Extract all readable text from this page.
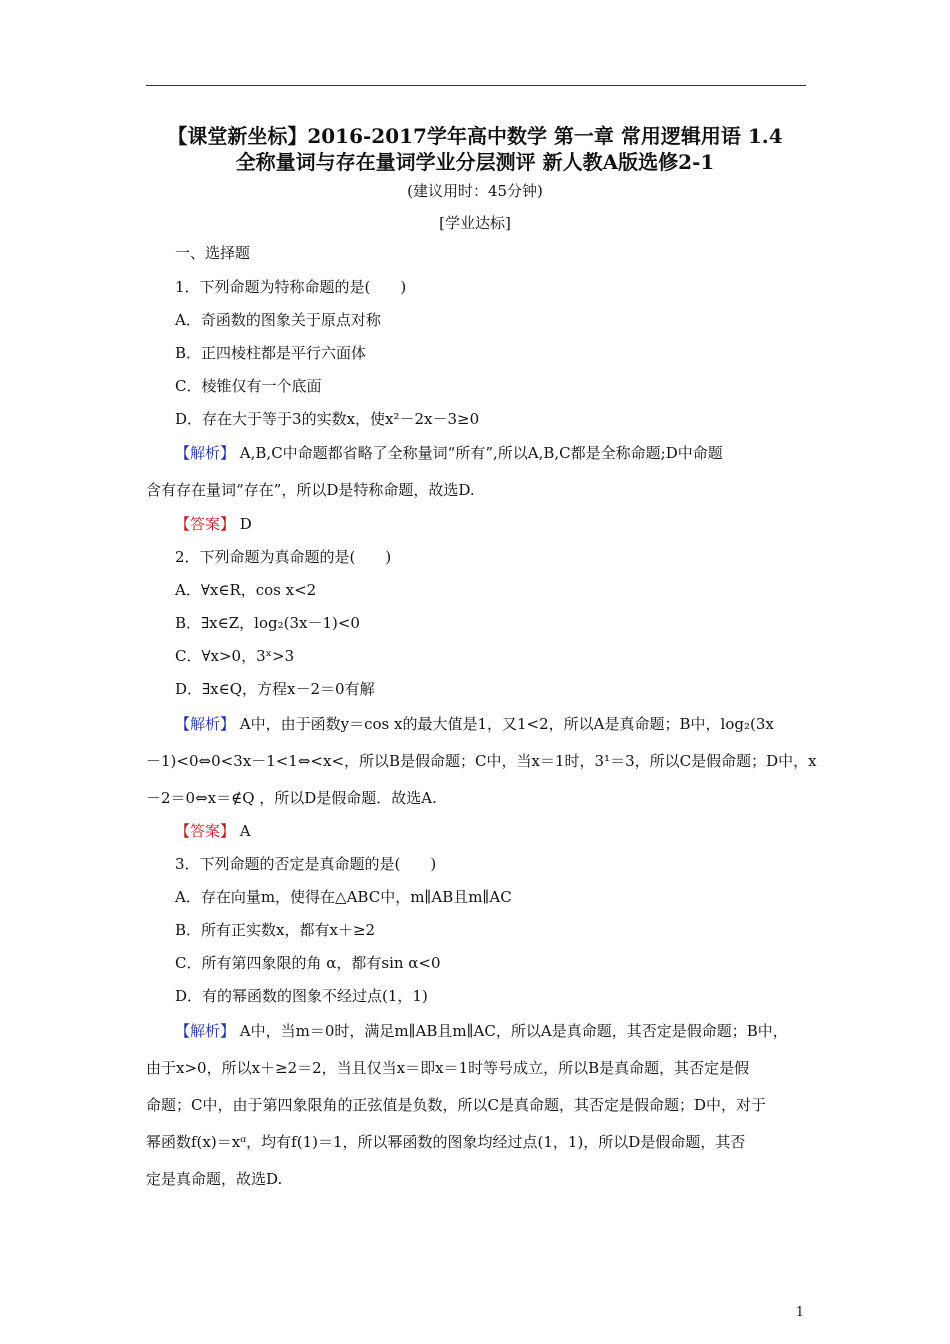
【课堂新坐标】2016-2017学年高中数学 第一章 常用逻辑用语 1.4
全称量词与存在量词学业分层测评 新人教A版选修2-1
(建议用时：45分钟)
[学业达标]
一、选择题
1．下列命题为特称命题的是(　　)
A．奇函数的图象关于原点对称
B．正四棱柱都是平行六面体
C．棱锥仅有一个底面
D．存在大于等于3的实数x，使x²－2x－3≥0
【解析】 A,B,C中命题都省略了全称量词“所有”,所以A,B,C都是全称命题;D中命题
含有存在量词“存在”，所以D是特称命题，故选D.
【答案】 D
2．下列命题为真命题的是(　　)
A．∀x∈R，cos x<2
B．∃x∈Z，log₂(3x－1)<0
C．∀x>0，3ˣ>3
D．∃x∈Q，方程x－2＝0有解
【解析】 A中，由于函数y＝cos x的最大值是1，又1<2，所以A是真命题；B中，log₂(3x
－1)<0⇔0<3x－1<1⇔<x<，所以B是假命题；C中，当x＝1时，3¹＝3，所以C是假命题；D中，x
－2＝0⇔x＝∉Q ，所以D是假命题．故选A.
【答案】 A
3．下列命题的否定是真命题的是(　　)
A．存在向量m，使得在△ABC中，m∥AB且m∥AC
B．所有正实数x，都有x＋≥2
C．所有第四象限的角 α，都有sin α<0
D．有的幂函数的图象不经过点(1，1)
【解析】 A中，当m＝0时，满足m∥AB且m∥AC，所以A是真命题，其否定是假命题；B中，
由于x>0，所以x＋≥2＝2，当且仅当x＝即x＝1时等号成立，所以B是真命题，其否定是假
命题；C中，由于第四象限角的正弦值是负数，所以C是真命题，其否定是假命题；D中，对于
幂函数f(x)＝xᵅ，均有f(1)＝1，所以幂函数的图象均经过点(1，1)，所以D是假命题，其否
定是真命题，故选D.
1
